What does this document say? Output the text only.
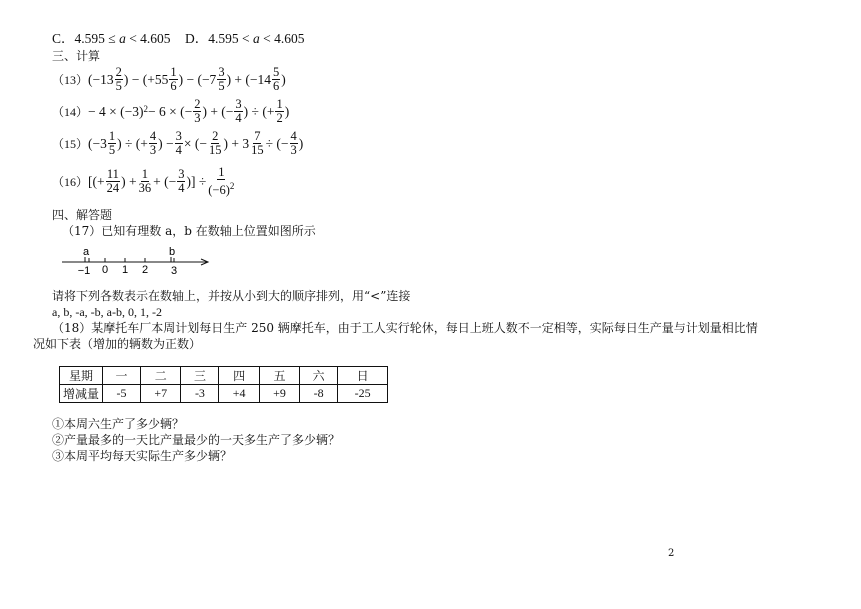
C．4.595 ≤ a < 4.605 D．4.595 < a < 4.605
三、计算
（13） ($-13 \frac{2}{5}$ ) − ($+55 \frac{1}{6}$ ) − ($-7 \frac{3}{5}$ ) + ($-14 \frac{5}{6}$ )
（14） − 4 × (−3) 2 − 6 × (− $\frac{2}{3}$ ) + (− $\frac{3}{4}$ ) ÷ (+ $\frac{1}{2}$ )
（15） ($-3 \frac{1}{5}$ ) ÷ (+ $\frac{4}{3}$ ) − $\frac{3}{4}$ × (− $\frac{2}{15}$ ) + $3 \frac{7}{15}$ ÷ (− $\frac{4}{3}$ )
（16） [(+ $\frac{11}{24}$ ) + $\frac{1}{36}$ + (− $\frac{3}{4}$ )] ÷ $\frac{1}{(-6)^2}$
四、解答题
（17）已知有理数 a，b 在数轴上位置如图所示
a	b
−1 0 1 2 3
请将下列各数表示在数轴上，并按从小到大的顺序排列，用“<”连接
a, b, -a, -b, a-b, 0, 1, -2
（18）某摩托车厂本周计划每日生产 250 辆摩托车，由于工人实行轮休，每日上班人数不一定相等，实际每日生产量与计划量相比情
况如下表（增加的辆数为正数）
星期	一	二	三	四	五	六	日
增减量	-5	+7	-3	+4	+9	-8	-25
①本周六生产了多少辆？
②产量最多的一天比产量最少的一天多生产了多少辆？
③本周平均每天实际生产多少辆？
2
